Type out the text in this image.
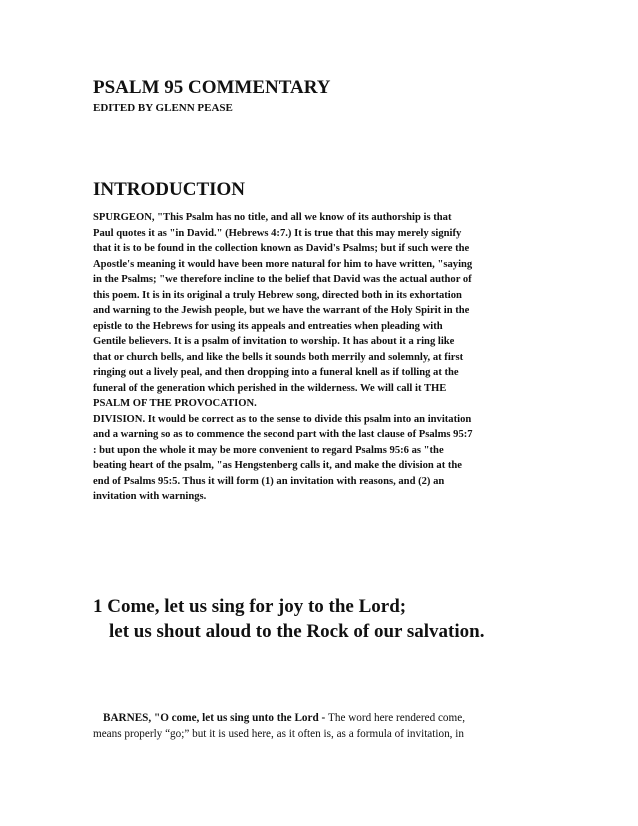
PSALM 95 COMMENTARY
EDITED BY GLENN PEASE
INTRODUCTION
SPURGEON, "This Psalm has no title, and all we know of its authorship is that
Paul quotes it as "in David." (Hebrews 4:7.) It is true that this may merely signify
that it is to be found in the collection known as David's Psalms; but if such were the
Apostle's meaning it would have been more natural for him to have written, "saying
in the Psalms; "we therefore incline to the belief that David was the actual author of
this poem. It is in its original a truly Hebrew song, directed both in its exhortation
and warning to the Jewish people, but we have the warrant of the Holy Spirit in the
epistle to the Hebrews for using its appeals and entreaties when pleading with
Gentile believers. It is a psalm of invitation to worship. It has about it a ring like
that or church bells, and like the bells it sounds both merrily and solemnly, at first
ringing out a lively peal, and then dropping into a funeral knell as if tolling at the
funeral of the generation which perished in the wilderness. We will call it THE
PSALM OF THE PROVOCATION.
DIVISION. It would be correct as to the sense to divide this psalm into an invitation
and a warning so as to commence the second part with the last clause of Psalms 95:7
: but upon the whole it may be more convenient to regard Psalms 95:6 as "the
beating heart of the psalm, "as Hengstenberg calls it, and make the division at the
end of Psalms 95:5. Thus it will form (1) an invitation with reasons, and (2) an
invitation with warnings.
1 Come, let us sing for joy to the Lord;
let us shout aloud to the Rock of our salvation.
BARNES, "O come, let us sing unto the Lord - The word here rendered come,
means properly “go;” but it is used here, as it often is, as a formula of invitation, in
